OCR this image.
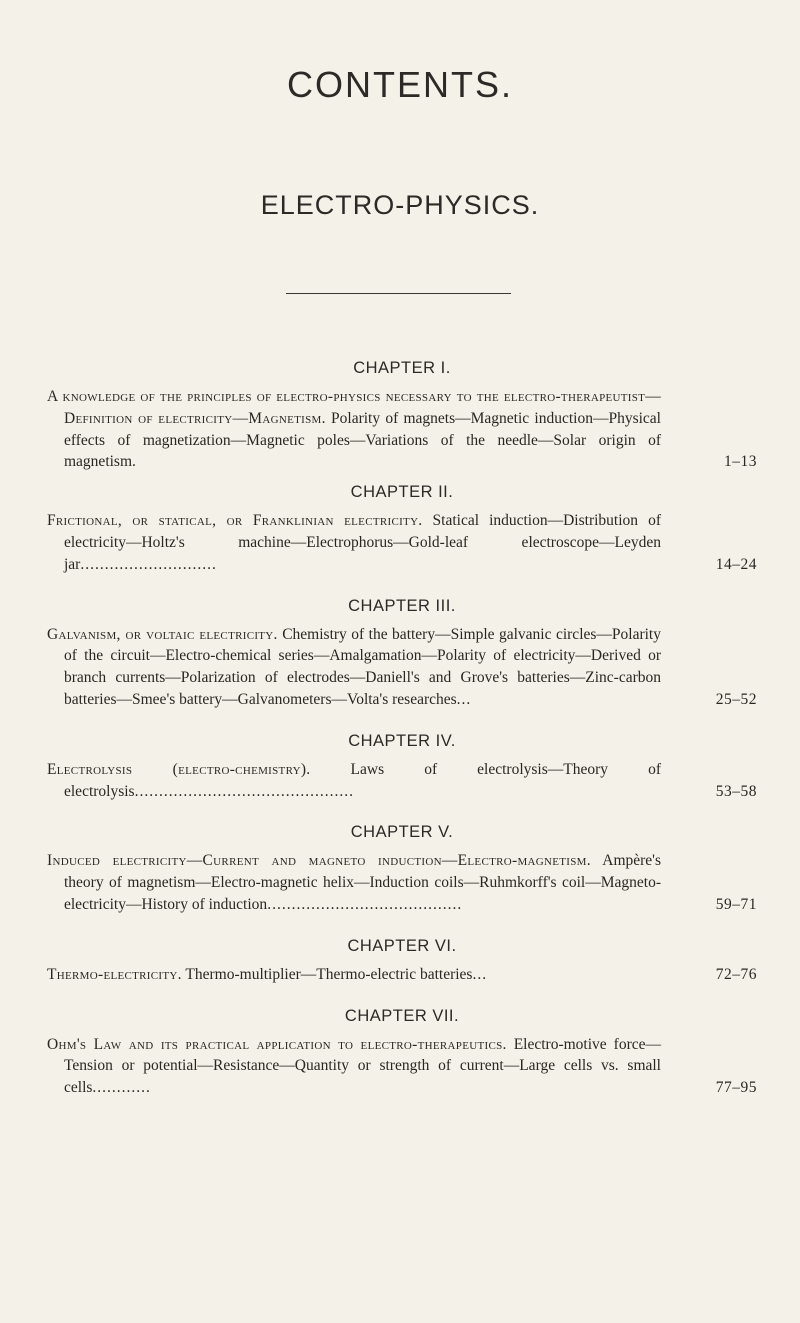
CONTENTS.
ELECTRO-PHYSICS.
CHAPTER I.
A knowledge of the principles of electro-physics necessary to the electro-therapeutist—Definition of electricity—Magnetism. Polarity of magnets—Magnetic induction—Physical effects of magnetization—Magnetic poles—Variations of the needle—Solar origin of magnetism.	1–13
CHAPTER II.
Frictional, or statical, or Franklinian electricity. Statical induction—Distribution of electricity—Holtz's machine—Electrophorus—Gold-leaf electroscope—Leyden jar............................	14–24
CHAPTER III.
Galvanism, or voltaic electricity. Chemistry of the battery—Simple galvanic circles—Polarity of the circuit—Electro-chemical series—Amalgamation—Polarity of electricity—Derived or branch currents—Polarization of electrodes—Daniell's and Grove's batteries—Zinc-carbon batteries—Smee's battery—Galvanometers—Volta's researches...	25–52
CHAPTER IV.
Electrolysis (electro-chemistry). Laws of electrolysis—Theory of electrolysis.............................................	53–58
CHAPTER V.
Induced electricity—Current and magneto induction—Electro-magnetism. Ampère's theory of magnetism—Electro-magnetic helix—Induction coils—Ruhmkorff's coil—Magneto-electricity—History of induction........................................	59–71
CHAPTER VI.
Thermo-electricity. Thermo-multiplier—Thermo-electric batteries...	72–76
CHAPTER VII.
Ohm's Law and its practical application to electro-therapeutics. Electro-motive force—Tension or potential—Resistance—Quantity or strength of current—Large cells vs. small cells............	77–95
